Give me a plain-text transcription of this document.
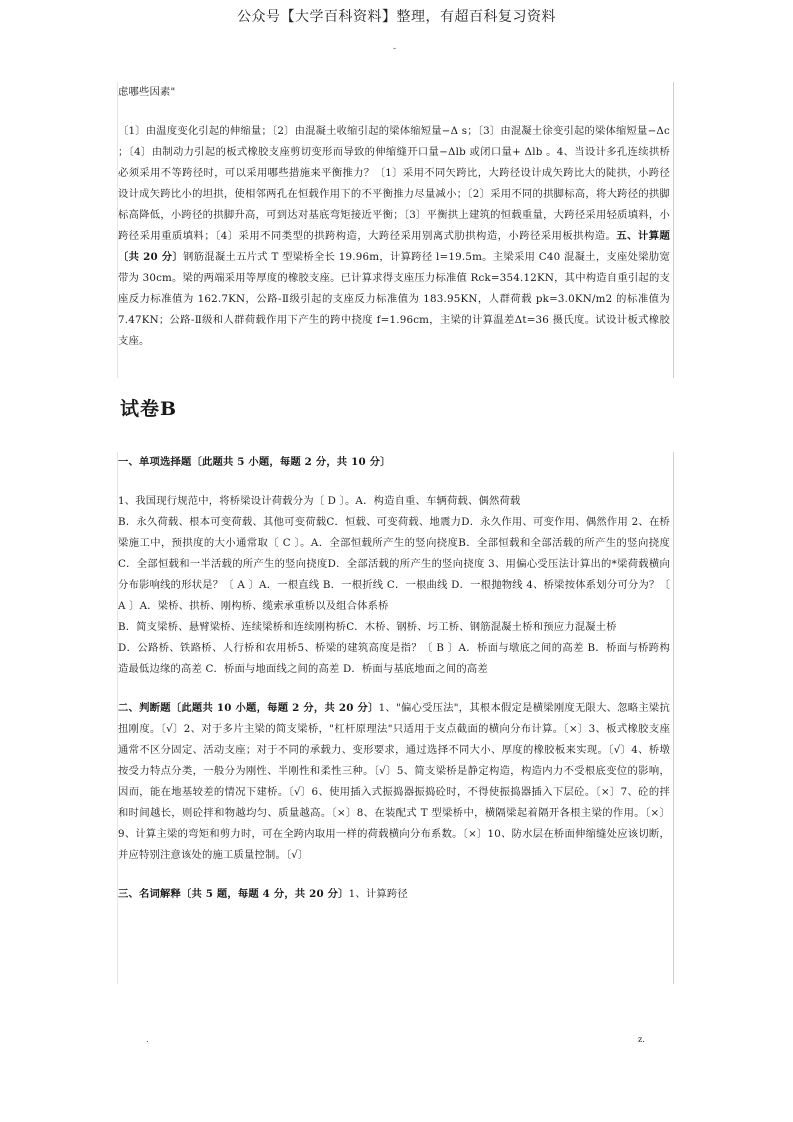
公众号【大学百科资料】整理，有超百科复习资料
-

虑哪些因素"

〔1〕由温度变化引起的伸缩量；〔2〕由混凝土收缩引起的梁体缩短量−Δ s；〔3〕由混凝土徐变引起的梁体缩短量−Δc ；〔4〕由制动力引起的板式橡胶支座剪切变形而导致的伸缩缝开口量−Δlb 或闭口量+ Δlb 。4、当设计多孔连续拱桥必须采用不等跨径时，可以采用哪些措施来平衡推力？〔1〕采用不同矢跨比，大跨径设计成矢跨比大的陡拱，小跨径设计成矢跨比小的坦拱，使相邻两孔在恒载作用下的不平衡推力尽量减小；〔2〕采用不同的拱脚标高，将大跨径的拱脚标高降低，小跨径的拱脚升高，可到达对基底弯矩接近平衡；〔3〕平衡拱上建筑的恒载重量，大跨径采用轻质填料，小跨径采用重质填料；〔4〕采用不同类型的拱跨构造，大跨径采用别离式肋拱构造，小跨径采用板拱构造。五、计算题〔共 20 分〕钢筋混凝土五片式 T 型梁桥全长 19.96m，计算跨径 l=19.5m。主梁采用 C40 混凝土，支座处梁肋宽带为 30cm。梁的两端采用等厚度的橡胶支座。已计算求得支座压力标准值 Rck=354.12KN，其中构造自重引起的支座反力标准值为 162.7KN，公路-Ⅱ级引起的支座反力标准值为 183.95KN，人群荷载 pk=3.0KN/m2 的标准值为 7.47KN；公路-Ⅱ级和人群荷载作用下产生的跨中挠度 f=1.96cm，主梁的计算温差Δt=36 摄氏度。试设计板式橡胶支座。

试卷B

一、单项选择题〔此题共 5 小题，每题 2 分，共 10 分〕

1、我国现行规范中，将桥梁设计荷载分为〔 D 〕。A．构造自重、车辆荷载、偶然荷载

B．永久荷载、根本可变荷载、其他可变荷载C．恒载、可变荷载、地震力D．永久作用、可变作用、偶然作用 2、在桥梁施工中，预拱度的大小通常取〔 C 〕。A．全部恒载所产生的竖向挠度B．全部恒载和全部活载的所产生的竖向挠度C．全部恒载和一半活载的所产生的竖向挠度D．全部活载的所产生的竖向挠度 3、用偏心受压法计算出的*梁荷载横向分布影响线的形状是？〔 A 〕A．一根直线 B．一根折线 C．一根曲线 D．一根抛物线 4、桥梁按体系划分可分为？〔 A 〕A．梁桥、拱桥、刚构桥、缆索承重桥以及组合体系桥

B．简支梁桥、悬臂梁桥、连续梁桥和连续刚构桥C．木桥、钢桥、圬工桥、钢筋混凝土桥和预应力混凝土桥

D．公路桥、铁路桥、人行桥和农用桥5、桥梁的建筑高度是指？〔 B 〕A．桥面与墩底之间的高差 B．桥面与桥跨构造最低边缘的高差 C．桥面与地面线之间的高差 D．桥面与基底地面之间的高差

二、判断题〔此题共 10 小题，每题 2 分，共 20 分〕1、"偏心受压法"，其根本假定是横梁刚度无限大、忽略主梁抗扭刚度。〔√〕2、对于多片主梁的简支梁桥，"杠杆原理法"只适用于支点截面的横向分布计算。〔×〕3、板式橡胶支座通常不区分固定、活动支座；对于不同的承载力、变形要求，通过选择不同大小、厚度的橡胶板来实现。〔√〕4、桥墩按受力特点分类，一般分为刚性、半刚性和柔性三种。〔√〕5、简支梁桥是静定构造，构造内力不受根底变位的影响，因而，能在地基较差的情况下建桥。〔√〕6、使用插入式振捣器振捣砼时，不得使振捣器插入下层砼。〔×〕7、砼的拌和时间越长，则砼拌和物越均匀、质量越高。〔×〕8、在装配式 T 型梁桥中，横隔梁起着隔开各根主梁的作用。〔×〕9、计算主梁的弯矩和剪力时，可在全跨内取用一样的荷载横向分布系数。〔×〕10、防水层在桥面伸缩缝处应该切断，并应特别注意该处的施工质量控制。〔√〕

三、名词解释〔共 5 题，每题 4 分，共 20 分〕1、计算跨径

.	z.
